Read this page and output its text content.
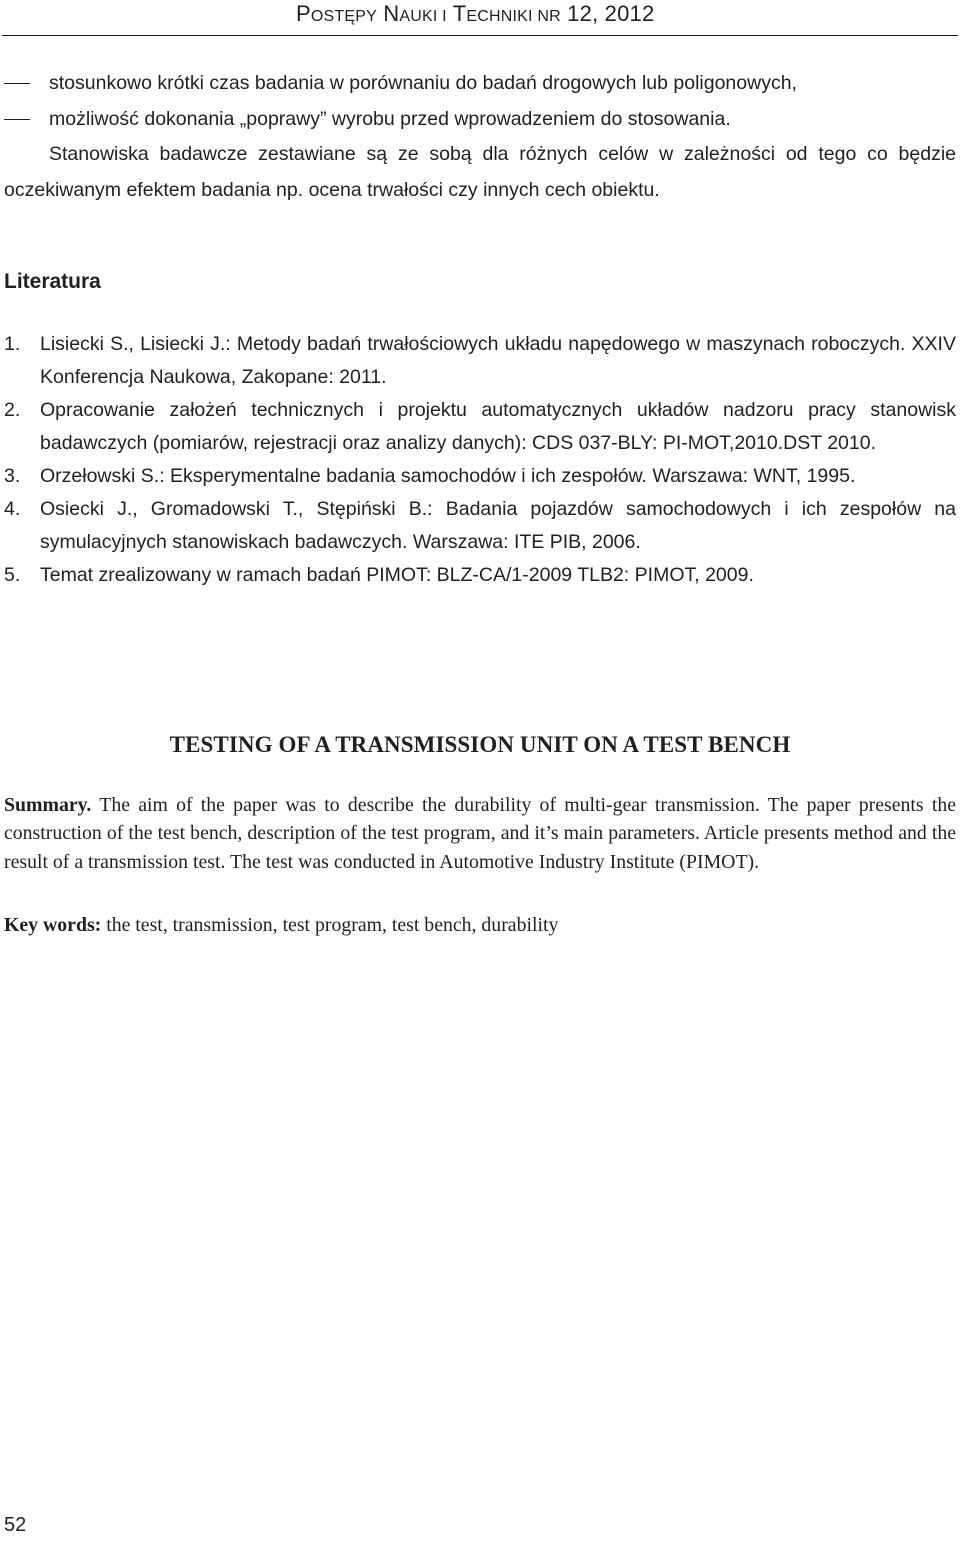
POSTĘPY NAUKI I TECHNIKI NR 12, 2012
stosunkowo krótki czas badania w porównaniu do badań drogowych lub poligonowych,
możliwość dokonania „poprawy” wyrobu przed wprowadzeniem do stosowania.
Stanowiska badawcze zestawiane są ze sobą dla różnych celów w zależności od tego co będzie oczekiwanym efektem badania np. ocena trwałości czy innych cech obiektu.
Literatura
1. Lisiecki S., Lisiecki J.: Metody badań trwałościowych układu napędowego w maszynach roboczych. XXIV Konferencja Naukowa, Zakopane: 2011.
2. Opracowanie założeń technicznych i projektu automatycznych układów nadzoru pracy stanowisk badawczych (pomiarów, rejestracji oraz analizy danych): CDS 037-BLY: PI-MOT,2010.DST 2010.
3. Orzełowski S.: Eksperymentalne badania samochodów i ich zespołów. Warszawa: WNT, 1995.
4. Osiecki J., Gromadowski T., Stępiński B.: Badania pojazdów samochodowych i ich zespołów na symulacyjnych stanowiskach badawczych. Warszawa: ITE PIB, 2006.
5. Temat zrealizowany w ramach badań PIMOT: BLZ-CA/1-2009 TLB2: PIMOT, 2009.
TESTING OF A TRANSMISSION UNIT ON A TEST BENCH
Summary. The aim of the paper was to describe the durability of multi-gear transmission. The paper presents the construction of the test bench, description of the test program, and it’s main parameters. Article presents method and the result of a transmission test. The test was conducted in Automotive Industry Institute (PIMOT).
Key words: the test, transmission, test program, test bench, durability
52
